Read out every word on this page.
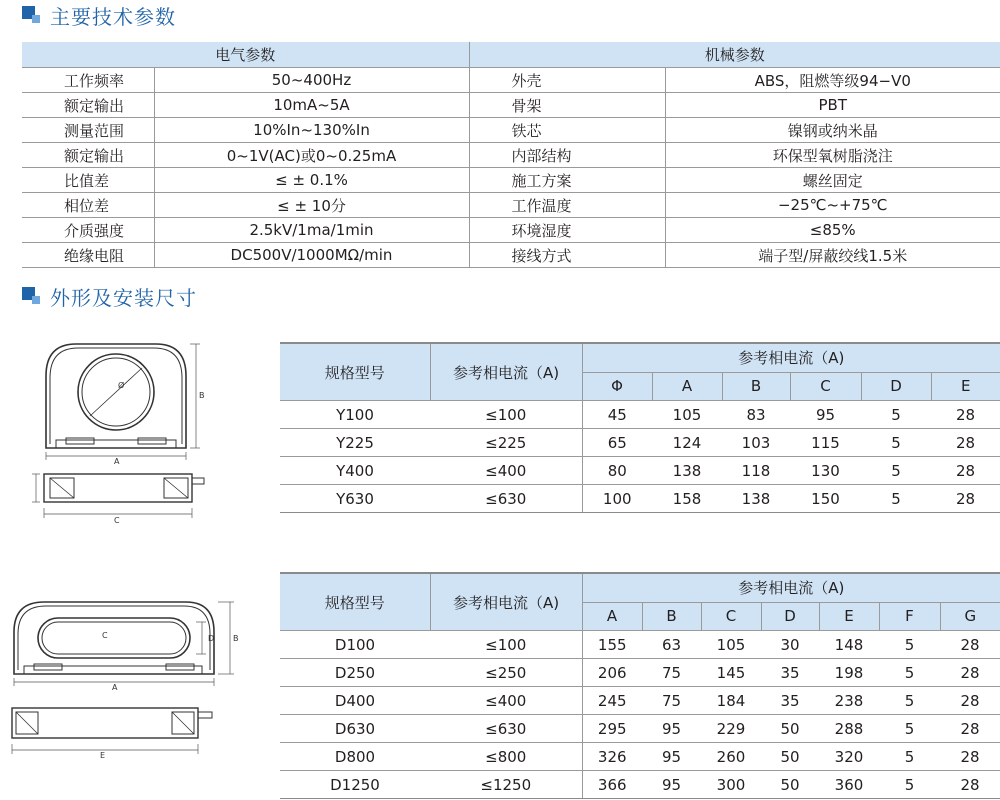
主要技术参数
电气参数		机械参数	
工作频率	50~400Hz	外壳	ABS，阻燃等级94−V0
额定输出	10mA~5A	骨架	PBT
测量范围	10%In~130%In	铁芯	镍钢或纳米晶
额定输出	0~1V(AC)或0~0.25mA	内部结构	环保型氧树脂浇注
比值差	≤ ± 0.1%	施工方案	螺丝固定
相位差	≤ ± 10分	工作温度	−25℃~+75℃
介质强度	2.5kV/1ma/1min	环境湿度	≤85%
绝缘电阻	DC500V/1000MΩ/min	接线方式	端子型/屏蔽绞线1.5米
外形及安装尺寸
Ø
A
B
C
规格型号	参考相电流（A)	参考相电流（A)					
		Φ	A	B	C	D	E
Y100	≤100	45	105	83	95	5	28
Y225	≤225	65	124	103	115	5	28
Y400	≤400	80	138	118	130	5	28
Y630	≤630	100	158	138	150	5	28
C	D B
A
E
规格型号	参考相电流（A)	参考相电流（A)						
		A	B	C	D	E	F	G
D100	≤100	155	63	105	30	148	5	28
D250	≤250	206	75	145	35	198	5	28
D400	≤400	245	75	184	35	238	5	28
D630	≤630	295	95	229	50	288	5	28
D800	≤800	326	95	260	50	320	5	28
D1250	≤1250	366	95	300	50	360	5	28
